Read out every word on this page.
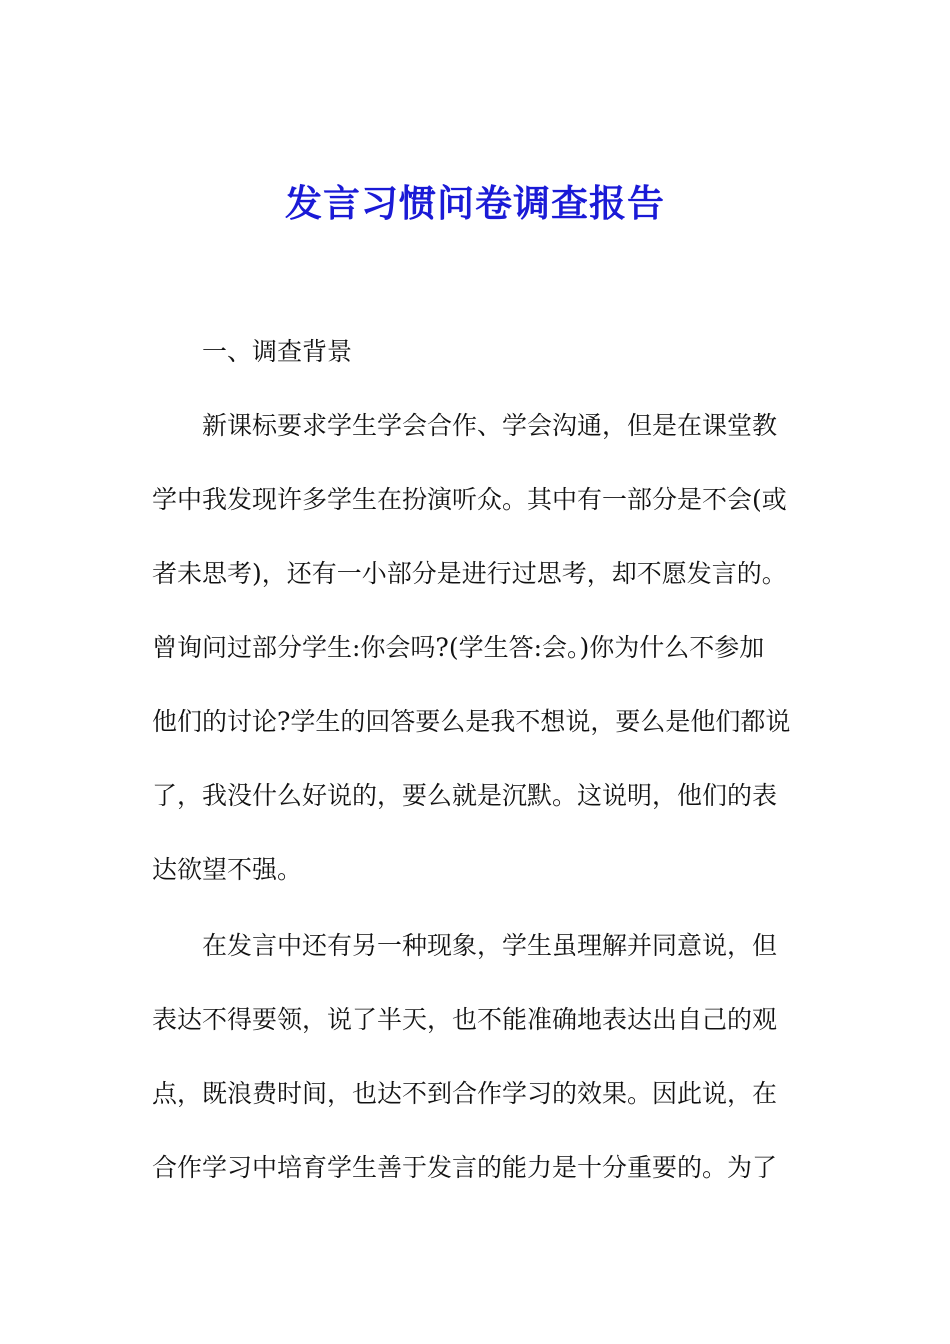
发言习惯问卷调查报告
一、调查背景
新课标要求学生学会合作、学会沟通，但是在课堂教
学中我发现许多学生在扮演听众。其中有一部分是不会(或
者未思考)，还有一小部分是进行过思考，却不愿发言的。
曾询问过部分学生:你会吗?(学生答:会。)你为什么不参加
他们的讨论?学生的回答要么是我不想说，要么是他们都说
了，我没什么好说的，要么就是沉默。这说明，他们的表
达欲望不强。
在发言中还有另一种现象，学生虽理解并同意说，但
表达不得要领，说了半天，也不能准确地表达出自己的观
点，既浪费时间，也达不到合作学习的效果。因此说，在
合作学习中培育学生善于发言的能力是十分重要的。为了
